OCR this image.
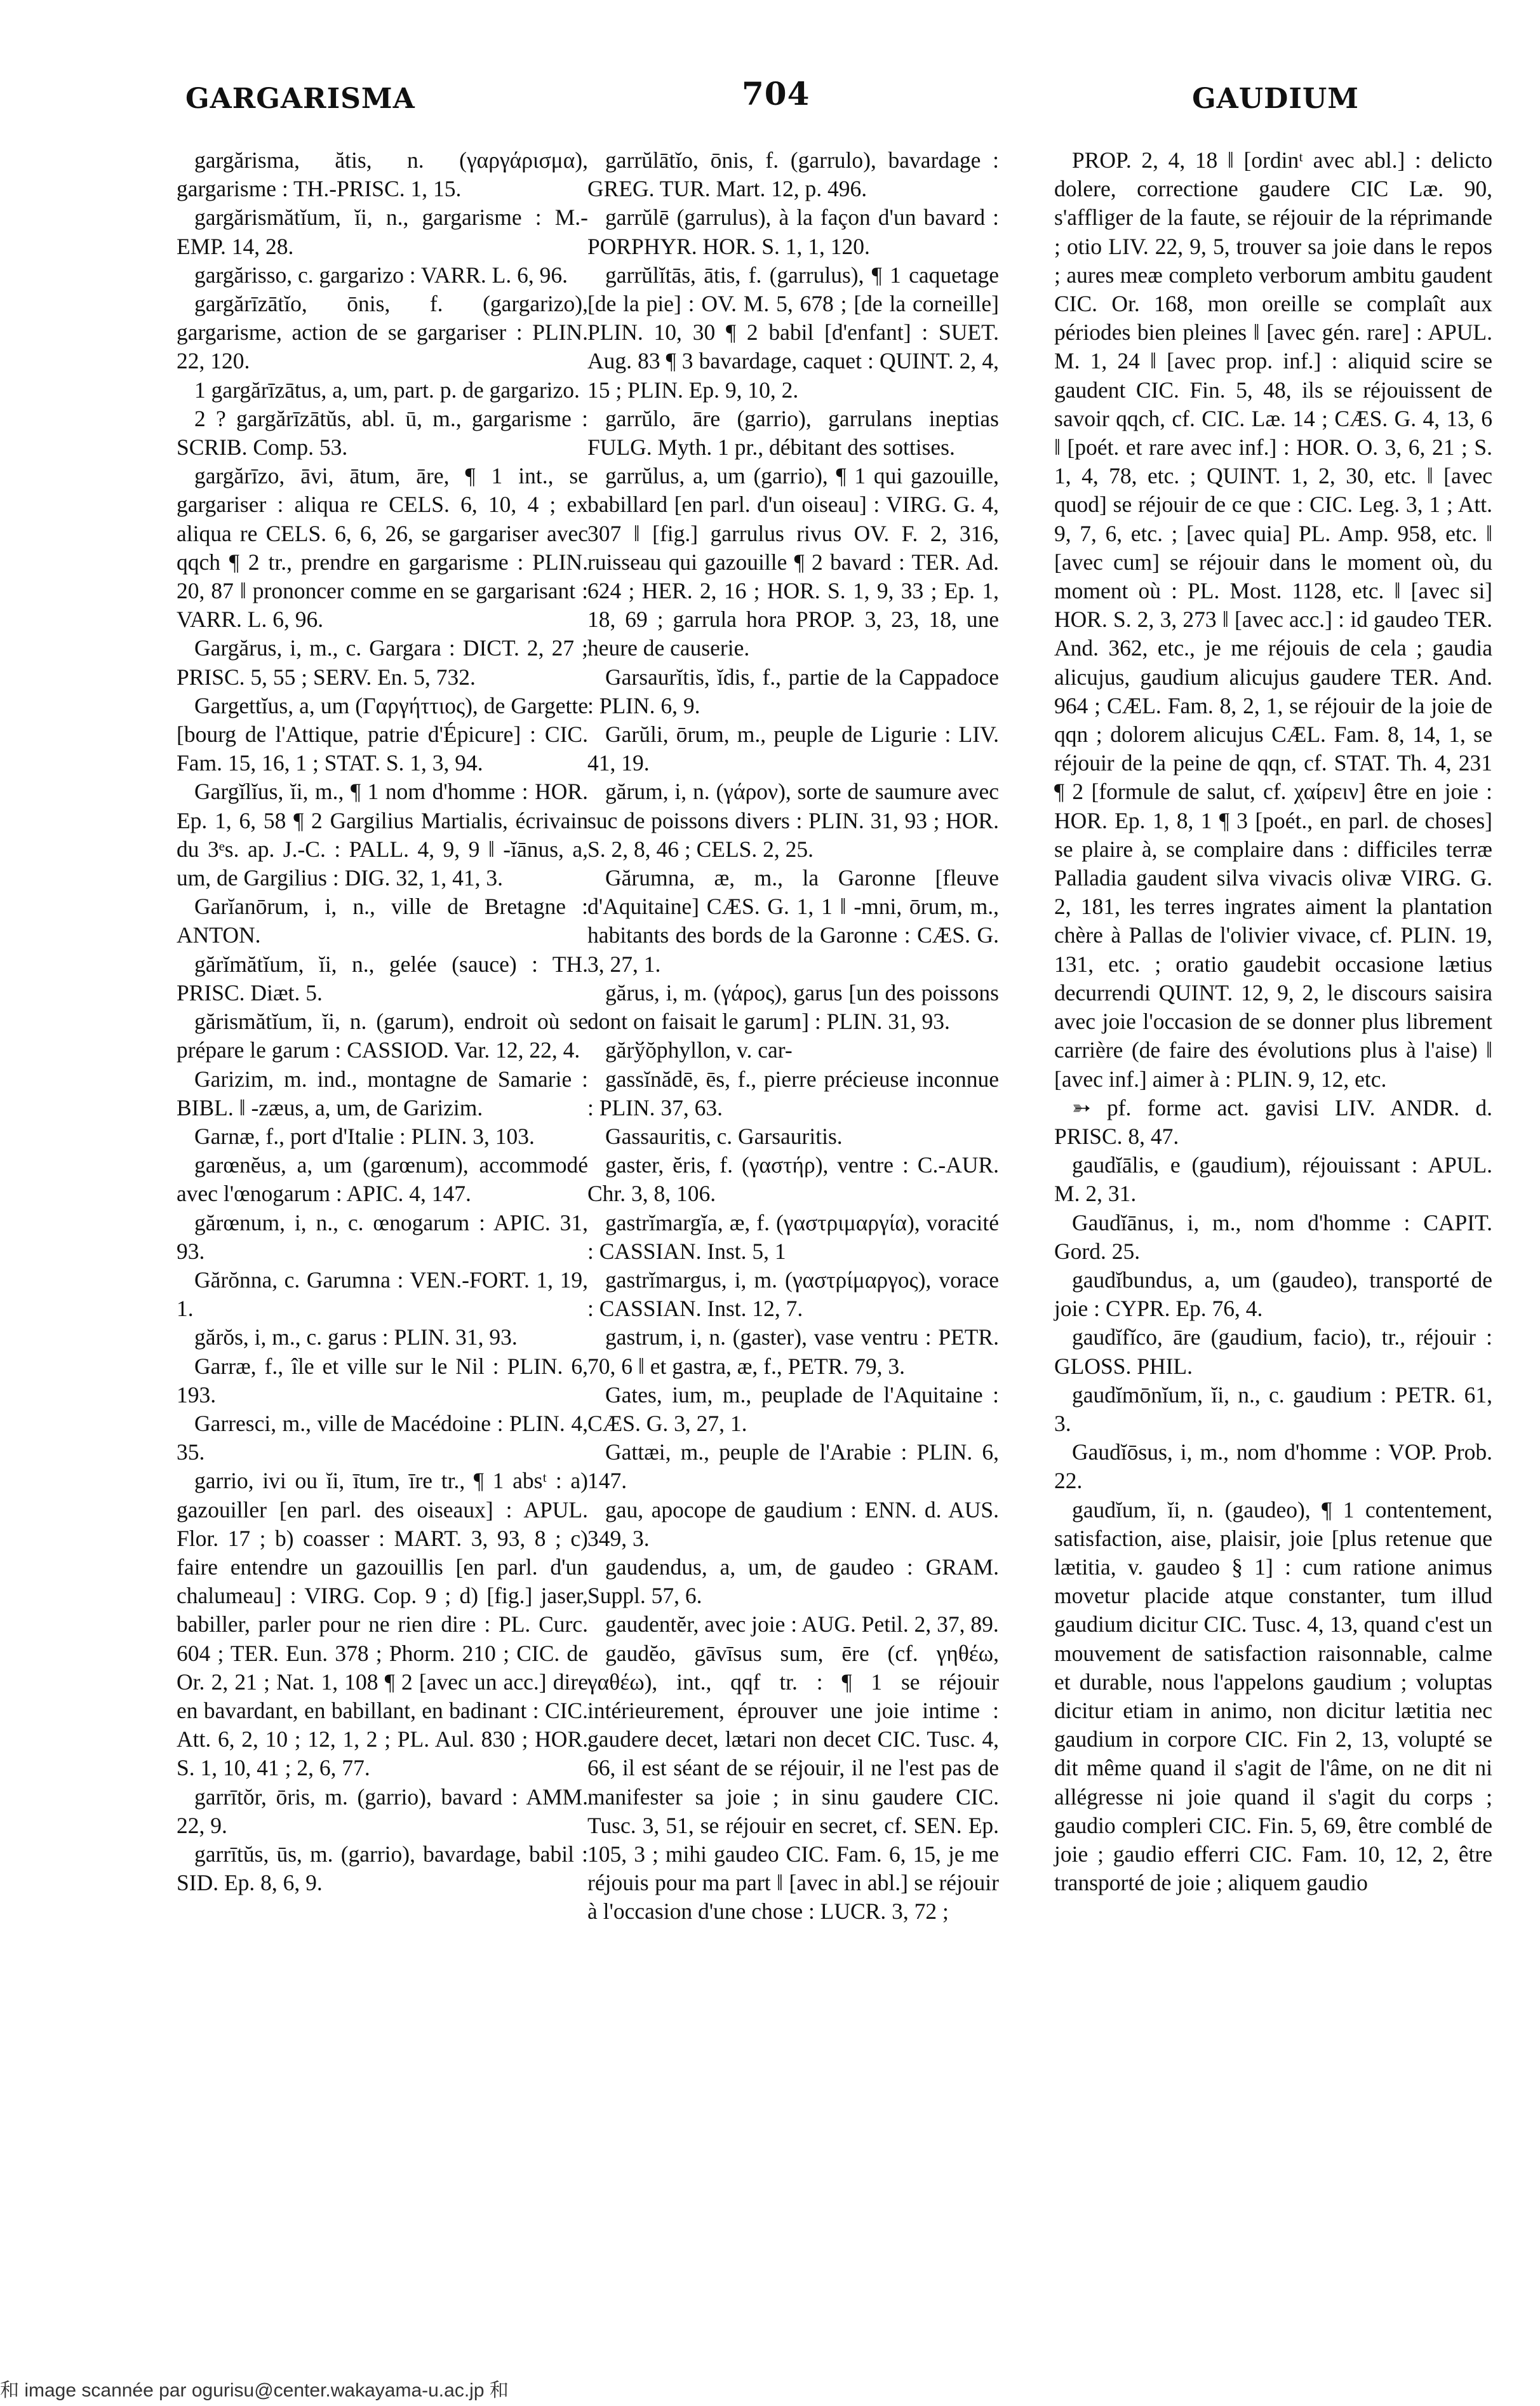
GARGARISMA	704	GAUDIUM

gargărisma, ătis, n. (γαργάρισμα), gargarisme : TH.-PRISC. 1, 15.

gargărismătĭum, ĭi, n., gargarisme : M.-EMP. 14, 28.

gargărisso, c. gargarizo : VARR. L. 6, 96.

gargărīzātĭo, ōnis, f. (gargarizo), gargarisme, action de se gargariser : PLIN. 22, 120.

1 gargărīzātus, a, um, part. p. de gargarizo.

2 ? gargărīzātŭs, abl. ū, m., gargarisme : SCRIB. Comp. 53.

gargărīzo, āvi, ātum, āre, ¶ 1 int., se gargariser : aliqua re CELS. 6, 10, 4 ; ex aliqua re CELS. 6, 6, 26, se gargariser avec qqch ¶ 2 tr., prendre en gargarisme : PLIN. 20, 87 ‖ prononcer comme en se gargarisant : VARR. L. 6, 96.

Gargărus, i, m., c. Gargara : DICT. 2, 27 ; PRISC. 5, 55 ; SERV. En. 5, 732.

Gargettĭus, a, um (Γαργήττιος), de Gargette [bourg de l'Attique, patrie d'Épicure] : CIC. Fam. 15, 16, 1 ; STAT. S. 1, 3, 94.

Gargĭlĭus, ĭi, m., ¶ 1 nom d'homme : HOR. Ep. 1, 6, 58 ¶ 2 Gargilius Martialis, écrivain du 3ᵉs. ap. J.-C. : PALL. 4, 9, 9 ‖ -ĭānus, a, um, de Gargilius : DIG. 32, 1, 41, 3.

Garĭanōrum, i, n., ville de Bretagne : ANTON.

gărĭmătĭum, ĭi, n., gelée (sauce) : TH. PRISC. Diæt. 5.

gărismătĭum, ĭi, n. (garum), endroit où se prépare le garum : CASSIOD. Var. 12, 22, 4.

Garizim, m. ind., montagne de Samarie : BIBL. ‖ -zæus, a, um, de Garizim.

Garnæ, f., port d'Italie : PLIN. 3, 103.

garœnĕus, a, um (garœnum), accommodé avec l'œnogarum : APIC. 4, 147.

gărœnum, i, n., c. œnogarum : APIC. 31, 93.

Gărŏnna, c. Garumna : VEN.-FORT. 1, 19, 1.

gărŏs, i, m., c. garus : PLIN. 31, 93.

Garræ, f., île et ville sur le Nil : PLIN. 6, 193.

Garresci, m., ville de Macédoine : PLIN. 4, 35.

garrio, ivi ou ĭi, ītum, īre tr., ¶ 1 absᵗ : a) gazouiller [en parl. des oiseaux] : APUL. Flor. 17 ; b) coasser : MART. 3, 93, 8 ; c) faire entendre un gazouillis [en parl. d'un chalumeau] : VIRG. Cop. 9 ; d) [fig.] jaser, babiller, parler pour ne rien dire : PL. Curc. 604 ; TER. Eun. 378 ; Phorm. 210 ; CIC. de Or. 2, 21 ; Nat. 1, 108 ¶ 2 [avec un acc.] dire en bavardant, en babillant, en badinant : CIC. Att. 6, 2, 10 ; 12, 1, 2 ; PL. Aul. 830 ; HOR. S. 1, 10, 41 ; 2, 6, 77.

garrītŏr, ōris, m. (garrio), bavard : AMM. 22, 9.

garrītŭs, ūs, m. (garrio), bavardage, babil : SID. Ep. 8, 6, 9.

garrŭlātĭo, ōnis, f. (garrulo), bavardage : GREG. TUR. Mart. 12, p. 496.

garrŭlē (garrulus), à la façon d'un bavard : PORPHYR. HOR. S. 1, 1, 120.

garrŭlĭtās, ātis, f. (garrulus), ¶ 1 caquetage [de la pie] : OV. M. 5, 678 ; [de la corneille] PLIN. 10, 30 ¶ 2 babil [d'enfant] : SUET. Aug. 83 ¶ 3 bavardage, caquet : QUINT. 2, 4, 15 ; PLIN. Ep. 9, 10, 2.

garrŭlo, āre (garrio), garrulans ineptias FULG. Myth. 1 pr., débitant des sottises.

garrŭlus, a, um (garrio), ¶ 1 qui gazouille, babillard [en parl. d'un oiseau] : VIRG. G. 4, 307 ‖ [fig.] garrulus rivus OV. F. 2, 316, ruisseau qui gazouille ¶ 2 bavard : TER. Ad. 624 ; HER. 2, 16 ; HOR. S. 1, 9, 33 ; Ep. 1, 18, 69 ; garrula hora PROP. 3, 23, 18, une heure de causerie.

Garsaurĭtis, ĭdis, f., partie de la Cappadoce : PLIN. 6, 9.

Garŭli, ōrum, m., peuple de Ligurie : LIV. 41, 19.

gărum, i, n. (γάρον), sorte de saumure avec suc de poissons divers : PLIN. 31, 93 ; HOR. S. 2, 8, 46 ; CELS. 2, 25.

Gărumna, æ, m., la Garonne [fleuve d'Aquitaine] CÆS. G. 1, 1 ‖ -mni, ōrum, m., habitants des bords de la Garonne : CÆS. G. 3, 27, 1.

gărus, i, m. (γάρος), garus [un des poissons dont on faisait le garum] : PLIN. 31, 93.

gărўŏphyllon, v. car-

gassĭnădē, ēs, f., pierre précieuse inconnue : PLIN. 37, 63.

Gassauritis, c. Garsauritis.

gaster, ĕris, f. (γαστήρ), ventre : C.-AUR. Chr. 3, 8, 106.

gastrĭmargĭa, æ, f. (γαστριμαργία), voracité : CASSIAN. Inst. 5, 1

gastrĭmargus, i, m. (γαστρίμαργος), vorace : CASSIAN. Inst. 12, 7.

gastrum, i, n. (gaster), vase ventru : PETR. 70, 6 ‖ et gastra, æ, f., PETR. 79, 3.

Gates, ium, m., peuplade de l'Aquitaine : CÆS. G. 3, 27, 1.

Gattæi, m., peuple de l'Arabie : PLIN. 6, 147.

gau, apocope de gaudium : ENN. d. AUS. 349, 3.

gaudendus, a, um, de gaudeo : GRAM. Suppl. 57, 6.

gaudentĕr, avec joie : AUG. Petil. 2, 37, 89.

gaudĕo, gāvīsus sum, ēre (cf. γηθέω, γαθέω), int., qqf tr. : ¶ 1 se réjouir intérieurement, éprouver une joie intime : gaudere decet, lætari non decet CIC. Tusc. 4, 66, il est séant de se réjouir, il ne l'est pas de manifester sa joie ; in sinu gaudere CIC. Tusc. 3, 51, se réjouir en secret, cf. SEN. Ep. 105, 3 ; mihi gaudeo CIC. Fam. 6, 15, je me réjouis pour ma part ‖ [avec in abl.] se réjouir à l'occasion d'une chose : LUCR. 3, 72 ;

PROP. 2, 4, 18 ‖ [ordinᵗ avec abl.] : delicto dolere, correctione gaudere CIC Læ. 90, s'affliger de la faute, se réjouir de la réprimande ; otio LIV. 22, 9, 5, trouver sa joie dans le repos ; aures meæ completo verborum ambitu gaudent CIC. Or. 168, mon oreille se complaît aux périodes bien pleines ‖ [avec gén. rare] : APUL. M. 1, 24 ‖ [avec prop. inf.] : aliquid scire se gaudent CIC. Fin. 5, 48, ils se réjouissent de savoir qqch, cf. CIC. Læ. 14 ; CÆS. G. 4, 13, 6 ‖ [poét. et rare avec inf.] : HOR. O. 3, 6, 21 ; S. 1, 4, 78, etc. ; QUINT. 1, 2, 30, etc. ‖ [avec quod] se réjouir de ce que : CIC. Leg. 3, 1 ; Att. 9, 7, 6, etc. ; [avec quia] PL. Amp. 958, etc. ‖ [avec cum] se réjouir dans le moment où, du moment où : PL. Most. 1128, etc. ‖ [avec si] HOR. S. 2, 3, 273 ‖ [avec acc.] : id gaudeo TER. And. 362, etc., je me réjouis de cela ; gaudia alicujus, gaudium alicujus gaudere TER. And. 964 ; CÆL. Fam. 8, 2, 1, se réjouir de la joie de qqn ; dolorem alicujus CÆL. Fam. 8, 14, 1, se réjouir de la peine de qqn, cf. STAT. Th. 4, 231 ¶ 2 [formule de salut, cf. χαίρειν] être en joie : HOR. Ep. 1, 8, 1 ¶ 3 [poét., en parl. de choses] se plaire à, se complaire dans : difficiles terræ Palladia gaudent silva vivacis olivæ VIRG. G. 2, 181, les terres ingrates aiment la plantation chère à Pallas de l'olivier vivace, cf. PLIN. 19, 131, etc. ; oratio gaudebit occasione lætius decurrendi QUINT. 12, 9, 2, le discours saisira avec joie l'occasion de se donner plus librement carrière (de faire des évolutions plus à l'aise) ‖ [avec inf.] aimer à : PLIN. 9, 12, etc.

➳ pf. forme act. gavisi LIV. ANDR. d. PRISC. 8, 47.

gaudĭālis, e (gaudium), réjouissant : APUL. M. 2, 31.

Gaudĭānus, i, m., nom d'homme : CAPIT. Gord. 25.

gaudĭbundus, a, um (gaudeo), transporté de joie : CYPR. Ep. 76, 4.

gaudĭfĭco, āre (gaudium, facio), tr., réjouir : GLOSS. PHIL.

gaudĭmōnĭum, ĭi, n., c. gaudium : PETR. 61, 3.

Gaudĭōsus, i, m., nom d'homme : VOP. Prob. 22.

gaudĭum, ĭi, n. (gaudeo), ¶ 1 contentement, satisfaction, aise, plaisir, joie [plus retenue que lætitia, v. gaudeo § 1] : cum ratione animus movetur placide atque constanter, tum illud gaudium dicitur CIC. Tusc. 4, 13, quand c'est un mouvement de satisfaction raisonnable, calme et durable, nous l'appelons gaudium ; voluptas dicitur etiam in animo, non dicitur lætitia nec gaudium in corpore CIC. Fin 2, 13, volupté se dit même quand il s'agit de l'âme, on ne dit ni allégresse ni joie quand il s'agit du corps ; gaudio compleri CIC. Fin. 5, 69, être comblé de joie ; gaudio efferri CIC. Fam. 10, 12, 2, être transporté de joie ; aliquem gaudio

和 image scannée par ogurisu@center.wakayama-u.ac.jp 和
